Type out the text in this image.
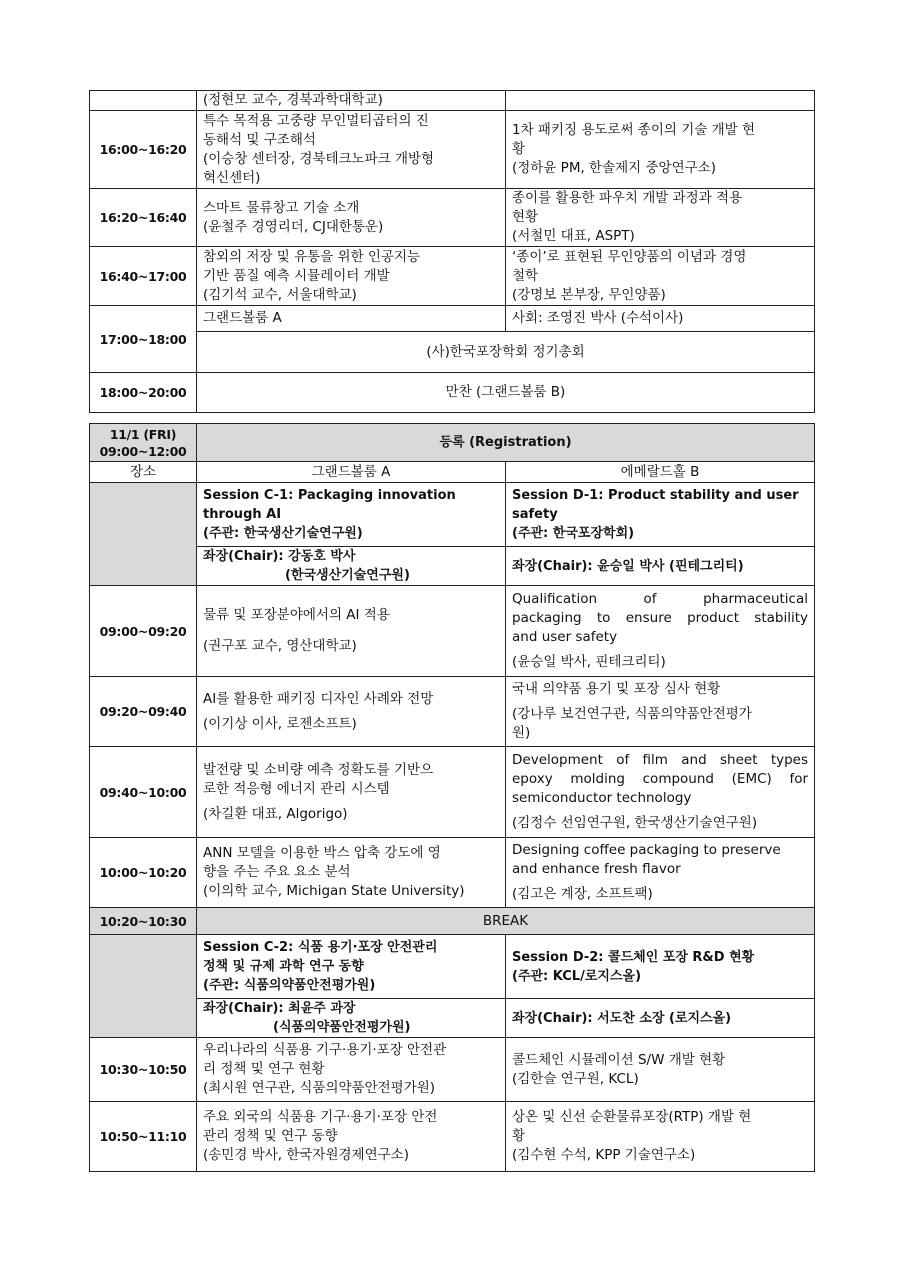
	(정현모 교수, 경북과학대학교)	
16:00~16:20	특수 목적용 고중량 무인멀티곱터의 진
동해석 및 구조해석
(이승창 센터장, 경북테크노파크 개방형
혁신센터)	1차 패키징 용도로써 종이의 기술 개발 현
황
(정하윤 PM, 한솔제지 중앙연구소)

16:20~16:40	스마트 물류창고 기술 소개
(윤철주 경영리더, CJ대한통운)	종이를 활용한 파우치 개발 과정과 적용
현황
(서철민 대표, ASPT)

16:40~17:00	참외의 저장 및 유통을 위한 인공지능
기반 품질 예측 시뮬레이터 개발
(김기석 교수, 서울대학교)	‘종이’로 표현된 무인양품의 이념과 경영
철학
(강명보 본부장, 무인양품)

17:00~18:00	그랜드볼룸 A	사회: 조영진 박사 (수석이사)
	(사)한국포장학회 정기총회	
18:00~20:00	만찬 (그랜드볼룸 B)	
11/1 (FRI)
09:00~12:00	등록 (Registration)	
장소	그랜드볼룸 A	에메랄드홀 B

	Session C-1: Packaging innovation
through AI
(주관: 한국생산기술연구원)	Session D-1: Product stability and user
safety
(주관: 한국포장학회)

	좌장(Chair): 강동호 박사
(한국생산기술연구원)	좌장(Chair): 윤승일 박사 (핀테그리티)
09:00~09:20	물류 및 포장분야에서의 AI 적용
(권구포 교수, 영산대학교)	Qualification of pharmaceutical
packaging to ensure product stability
and user safety
(윤승일 박사, 핀테크리티)

09:20~09:40	AI를 활용한 패키징 디자인 사례와 전망
(이기상 이사, 로젠소프트)	국내 의약품 용기 및 포장 심사 현황
(강나루 보건연구관, 식품의약품안전평가
원)

09:40~10:00	발전량 및 소비량 예측 정확도를 기반으
로한 적응형 에너지 관리 시스템
(차길환 대표, Algorigo)	Development of film and sheet types
epoxy molding compound (EMC) for
semiconductor technology
(김정수 선임연구원, 한국생산기술연구원)

10:00~10:20	ANN 모델을 이용한 박스 압축 강도에 영
향을 주는 주요 요소 분석
(이의학 교수, Michigan State University)	Designing coffee packaging to preserve
and enhance fresh flavor
(김고은 계장, 소프트팩)

10:20~10:30	BREAK	

	Session C-2: 식품 용기·포장 안전관리
정책 및 규제 과학 연구 동향
(주관: 식품의약품안전평가원)	Session D-2: 콜드체인 포장 R&D 현황
(주관: KCL/로지스올)

	좌장(Chair): 최윤주 과장
(식품의약품안전평가원)	좌장(Chair): 서도찬 소장 (로지스올)
10:30~10:50	우리나라의 식품용 기구·용기·포장 안전관
리 정책 및 연구 현황
(최시원 연구관, 식품의약품안전평가원)	콜드체인 시뮬레이션 S/W 개발 현황
(김한슬 연구원, KCL)

10:50~11:10	주요 외국의 식품용 기구·용기·포장 안전
관리 정책 및 연구 동향
(송민경 박사, 한국자원경제연구소)	상온 및 신선 순환물류포장(RTP) 개발 현
황
(김수현 수석, KPP 기술연구소)
